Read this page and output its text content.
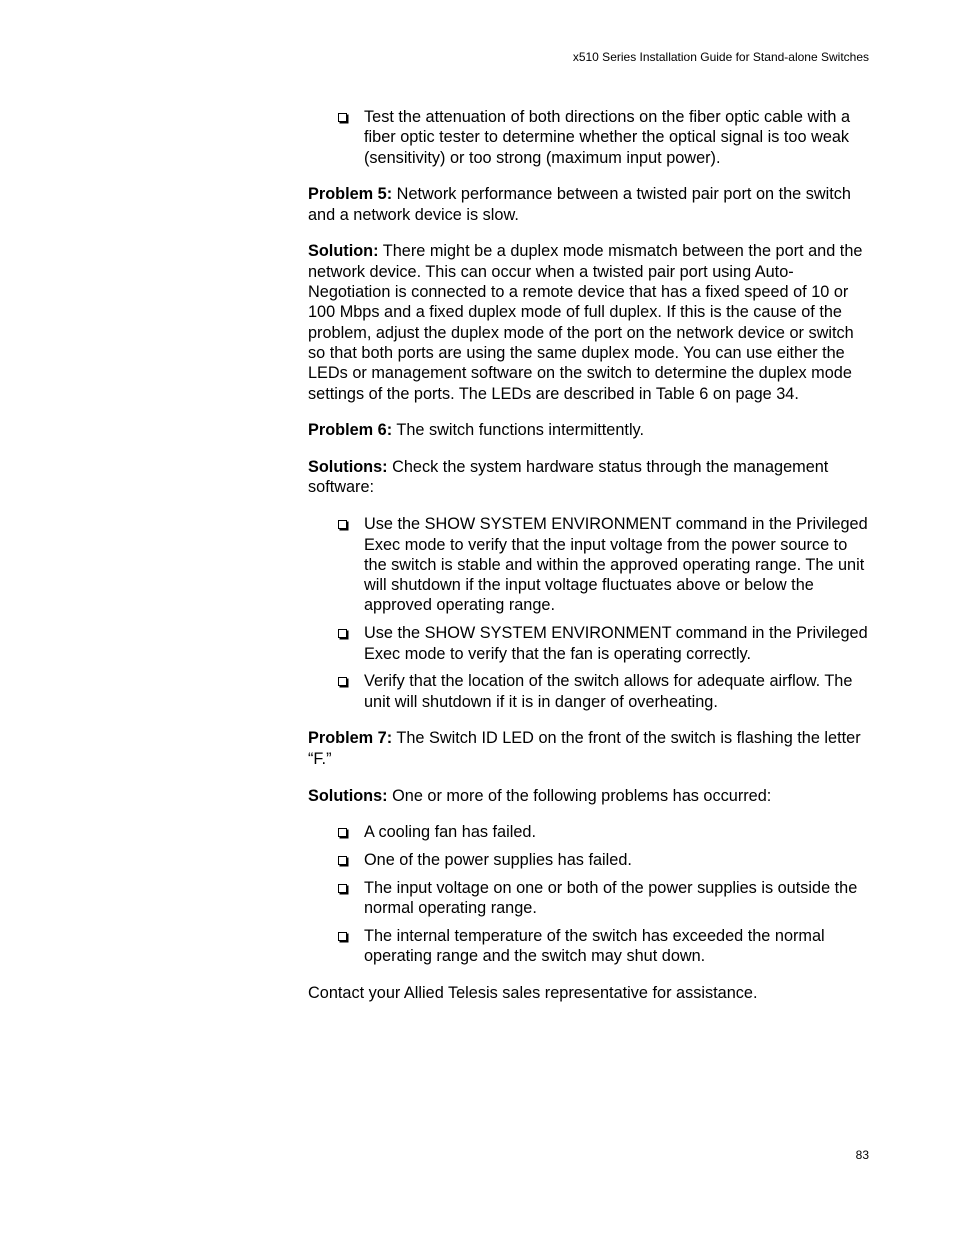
x510 Series Installation Guide for Stand-alone Switches
Test the attenuation of both directions on the fiber optic cable with a fiber optic tester to determine whether the optical signal is too weak (sensitivity) or too strong (maximum input power).

Problem 5: Network performance between a twisted pair port on the switch and a network device is slow.

Solution: There might be a duplex mode mismatch between the port and the network device. This can occur when a twisted pair port using Auto-Negotiation is connected to a remote device that has a fixed speed of 10 or 100 Mbps and a fixed duplex mode of full duplex. If this is the cause of the problem, adjust the duplex mode of the port on the network device or switch so that both ports are using the same duplex mode. You can use either the LEDs or management software on the switch to determine the duplex mode settings of the ports. The LEDs are described in Table 6 on page 34.

Problem 6: The switch functions intermittently.

Solutions: Check the system hardware status through the management software:

Use the SHOW SYSTEM ENVIRONMENT command in the Privileged Exec mode to verify that the input voltage from the power source to the switch is stable and within the approved operating range. The unit will shutdown if the input voltage fluctuates above or below the approved operating range.
Use the SHOW SYSTEM ENVIRONMENT command in the Privileged Exec mode to verify that the fan is operating correctly.
Verify that the location of the switch allows for adequate airflow. The unit will shutdown if it is in danger of overheating.

Problem 7: The Switch ID LED on the front of the switch is flashing the letter “F.”

Solutions: One or more of the following problems has occurred:

A cooling fan has failed.
One of the power supplies has failed.
The input voltage on one or both of the power supplies is outside the normal operating range.
The internal temperature of the switch has exceeded the normal operating range and the switch may shut down.

Contact your Allied Telesis sales representative for assistance.

83
